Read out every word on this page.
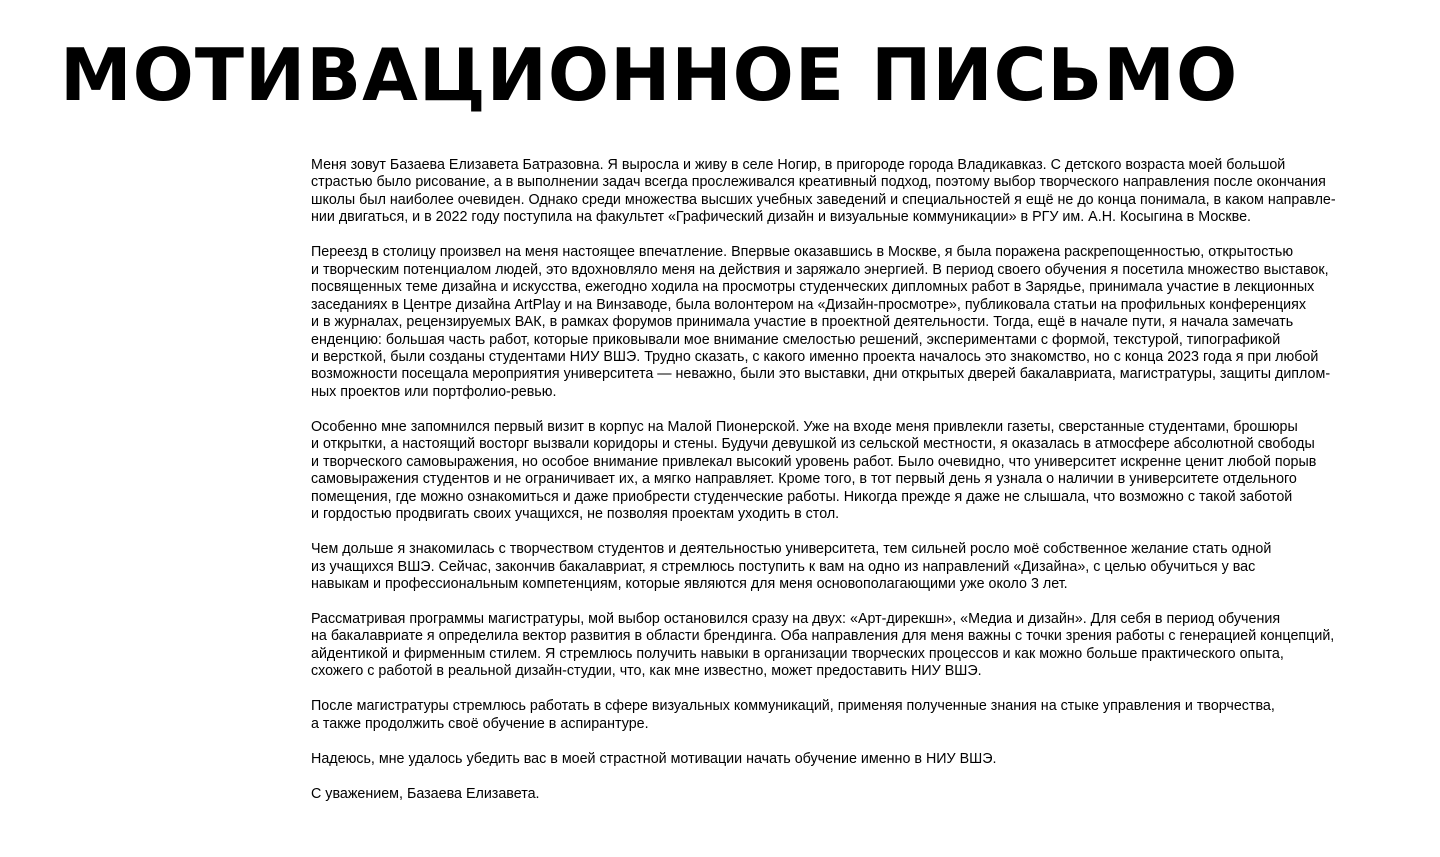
МОТИВАЦИОННОЕ ПИСЬМО

Меня зовут Базаева Елизавета Батразовна. Я выросла и живу в селе Ногир, в пригороде города Владикавказ. С детского возраста моей большой
страстью было рисование, а в выполнении задач всегда прослеживался креативный подход, поэтому выбор творческого направления после окончания
школы был наиболее очевиден. Однако среди множества высших учебных заведений и специальностей я ещё не до конца понимала, в каком направле-
нии двигаться, и в 2022 году поступила на факультет «Графический дизайн и визуальные коммуникации» в РГУ им. А.Н. Косыгина в Москве.

Переезд в столицу произвел на меня настоящее впечатление. Впервые оказавшись в Москве, я была поражена раскрепощенностью, открытостью
и творческим потенциалом людей, это вдохновляло меня на действия и заряжало энергией. В период своего обучения я посетила множество выставок,
посвященных теме дизайна и искусства, ежегодно ходила на просмотры студенческих дипломных работ в Зарядье, принимала участие в лекционных
заседаниях в Центре дизайна ArtPlay и на Винзаводе, была волонтером на «Дизайн-просмотре», публиковала статьи на профильных конференциях
и в журналах, рецензируемых ВАК, в рамках форумов принимала участие в проектной деятельности. Тогда, ещё в начале пути, я начала замечать
енденцию: большая часть работ, которые приковывали мое внимание смелостью решений, экспериментами с формой, текстурой, типографикой
и версткой, были созданы студентами НИУ ВШЭ. Трудно сказать, с какого именно проекта началось это знакомство, но с конца 2023 года я при любой
возможности посещала мероприятия университета — неважно, были это выставки, дни открытых дверей бакалавриата, магистратуры, защиты диплом-
ных проектов или портфолио-ревью.

Особенно мне запомнился первый визит в корпус на Малой Пионерской. Уже на входе меня привлекли газеты, сверстанные студентами, брошюры
и открытки, а настоящий восторг вызвали коридоры и стены. Будучи девушкой из сельской местности, я оказалась в атмосфере абсолютной свободы
и творческого самовыражения, но особое внимание привлекал высокий уровень работ. Было очевидно, что университет искренне ценит любой порыв
самовыражения студентов и не ограничивает их, а мягко направляет. Кроме того, в тот первый день я узнала о наличии в университете отдельного
помещения, где можно ознакомиться и даже приобрести студенческие работы. Никогда прежде я даже не слышала, что возможно с такой заботой
и гордостью продвигать своих учащихся, не позволяя проектам уходить в стол.

Чем дольше я знакомилась с творчеством студентов и деятельностью университета, тем сильней росло моё собственное желание стать одной
из учащихся ВШЭ. Сейчас, закончив бакалавриат, я стремлюсь поступить к вам на одно из направлений «Дизайна», с целью обучиться у вас
навыкам и профессиональным компетенциям, которые являются для меня основополагающими уже около 3 лет.

Рассматривая программы магистратуры, мой выбор остановился сразу на двух: «Арт-дирекшн», «Медиа и дизайн». Для себя в период обучения
на бакалавриате я определила вектор развития в области брендинга. Оба направления для меня важны с точки зрения работы с генерацией концепций,
айдентикой и фирменным стилем. Я стремлюсь получить навыки в организации творческих процессов и как можно больше практического опыта,
схожего с работой в реальной дизайн-студии, что, как мне известно, может предоставить НИУ ВШЭ.

После магистратуры стремлюсь работать в сфере визуальных коммуникаций, применяя полученные знания на стыке управления и творчества,
а также продолжить своё обучение в аспирантуре.

Надеюсь, мне удалось убедить вас в моей страстной мотивации начать обучение именно в НИУ ВШЭ.

С уважением, Базаева Елизавета.
